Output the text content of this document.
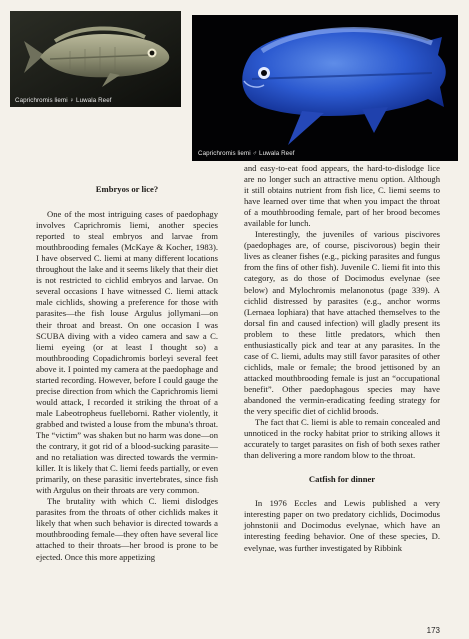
Caprichromis liemi ♀ Luwala Reef
Caprichromis liemi ♂ Luwala Reef

Embryos or lice?

One of the most intriguing cases of paedophagy involves Caprichromis liemi, another species reported to steal embryos and larvae from mouthbrooding females (McKaye & Kocher, 1983). I have observed C. liemi at many different locations throughout the lake and it seems likely that their diet is not restricted to cichlid embryos and larvae. On several occasions I have witnessed C. liemi attack male cichlids, showing a preference for those with parasites—the fish louse Argulus jollymani—on their throat and breast. On one occasion I was SCUBA diving with a video camera and saw a C. liemi eyeing (or at least I thought so) a mouthbrooding Copadichromis borleyi several feet above it. I pointed my camera at the paedophage and started recording. However, before I could gauge the precise direction from which the Caprichromis liemi would attack, I recorded it striking the throat of a male Labeotropheus fuelleborni. Rather violently, it grabbed and twisted a louse from the mbuna's throat. The “victim” was shaken but no harm was done—on the contrary, it got rid of a blood-sucking parasite—and no retaliation was directed towards the vermin-killer. It is likely that C. liemi feeds partially, or even primarily, on these parasitic invertebrates, since fish with Argulus on their throats are very common.

The brutality with which C. liemi dislodges parasites from the throats of other cichlids makes it likely that when such behavior is directed towards a mouthbrooding female—they often have several lice attached to their throats—her brood is prone to be ejected. Once this more appetizing

and easy-to-eat food appears, the hard-to-dislodge lice are no longer such an attractive menu option. Although it still obtains nutrient from fish lice, C. liemi seems to have learned over time that when you impact the throat of a mouthbrooding female, part of her brood becomes available for lunch.

Interestingly, the juveniles of various piscivores (paedophages are, of course, piscivorous) begin their lives as cleaner fishes (e.g., picking parasites and fungus from the fins of other fish). Juvenile C. liemi fit into this category, as do those of Docimodus evelynae (see below) and Mylochromis melanonotus (page 339). A cichlid distressed by parasites (e.g., anchor worms (Lernaea lophiara) that have attached themselves to the dorsal fin and caused infection) will gladly present its problem to these little predators, which then enthusiastically pick and tear at any parasites. In the case of C. liemi, adults may still favor parasites of other cichlids, male or female; the brood jettisoned by an attacked mouthbrooding female is just an “occupational benefit”. Other paedophagous species may have abandoned the vermin-eradicating feeding strategy for the very specific diet of cichlid broods.

The fact that C. liemi is able to remain concealed and unnoticed in the rocky habitat prior to striking allows it accurately to target parasites on fish of both sexes rather than delivering a more random blow to the throat.

Catfish for dinner

In 1976 Eccles and Lewis published a very interesting paper on two predatory cichlids, Docimodus johnstonii and Docimodus evelynae, which have an interesting feeding behavior. One of these species, D. evelynae, was further investigated by Ribbink

173
